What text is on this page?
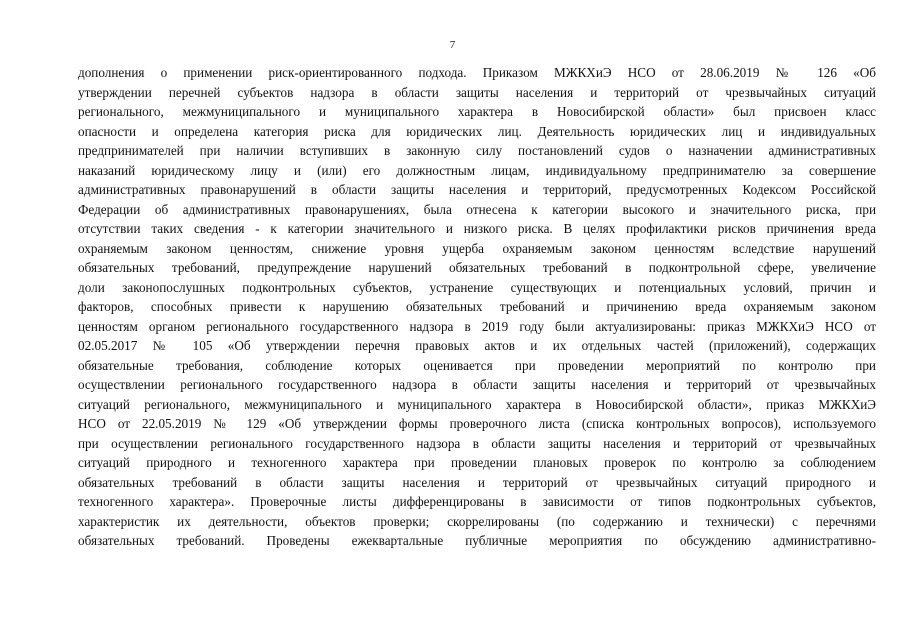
7
дополнения о применении риск-ориентированного подхода. Приказом МЖКХиЭ НСО от 28.06.2019 № 126 «Об
утверждении перечней субъектов надзора в области защиты населения и территорий от чрезвычайных ситуаций
регионального, межмуниципального и муниципального характера в Новосибирской области» был присвоен класс
опасности и определена категория риска для юридических лиц. Деятельность юридических лиц и индивидуальных
предпринимателей при наличии вступивших в законную силу постановлений судов о назначении административных
наказаний юридическому лицу и (или) его должностным лицам, индивидуальному предпринимателю за совершение
административных правонарушений в области защиты населения и территорий, предусмотренных Кодексом Российской
Федерации об административных правонарушениях, была отнесена к категории высокого и значительного риска, при
отсутствии таких сведения - к категории значительного и низкого риска. В целях профилактики рисков причинения вреда
охраняемым законом ценностям, снижение уровня ущерба охраняемым законом ценностям вследствие нарушений
обязательных требований, предупреждение нарушений обязательных требований в подконтрольной сфере, увеличение
доли законопослушных подконтрольных субъектов, устранение существующих и потенциальных условий, причин и
факторов, способных привести к нарушению обязательных требований и причинению вреда охраняемым законом
ценностям органом регионального государственного надзора в 2019 году были актуализированы: приказ МЖКХиЭ НСО от
02.05.2017 № 105 «Об утверждении перечня правовых актов и их отдельных частей (приложений), содержащих
обязательные требования, соблюдение которых оценивается при проведении мероприятий по контролю при
осуществлении регионального государственного надзора в области защиты населения и территорий от чрезвычайных
ситуаций регионального, межмуниципального и муниципального характера в Новосибирской области», приказ МЖКХиЭ
НСО от 22.05.2019 № 129 «Об утверждении формы проверочного листа (списка контрольных вопросов), используемого
при осуществлении регионального государственного надзора в области защиты населения и территорий от чрезвычайных
ситуаций природного и техногенного характера при проведении плановых проверок по контролю за соблюдением
обязательных требований в области защиты населения и территорий от чрезвычайных ситуаций природного и
техногенного характера». Проверочные листы дифференцированы в зависимости от типов подконтрольных субъектов,
характеристик их деятельности, объектов проверки; скоррелированы (по содержанию и технически) с перечнями
обязательных требований. Проведены ежеквартальные публичные мероприятия по обсуждению административно-
